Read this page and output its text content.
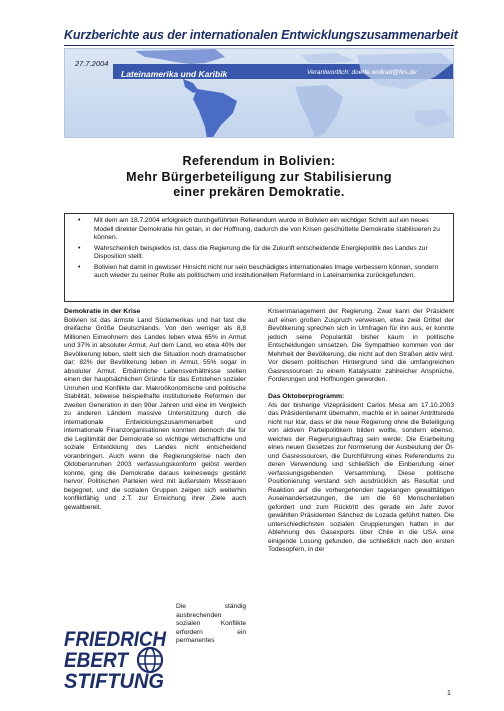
Kurzberichte aus der internationalen Entwicklungszusammenarbeit
27.7.2004
Lateinamerika und Karibik	Verantwortlich: doerte.wollrad@fes.de
Referendum in Bolivien:
Mehr Bürgerbeteiligung zur Stabilisierung
einer prekären Demokratie.
• Mit dem am 18.7.2004 erfolgreich durchgeführten Referendum wurde in Bolivien ein wichtiger Schritt auf ein neues Modell direkter Demokratie hin getan, in der Hoffnung, dadurch die von Krisen geschüttelte Demokratie stabilisieren zu können.
• Wahrscheinlich beispiellos ist, dass die Regierung die für die Zukunft entscheidende Energiepolitik des Landes zur Disposition stellt.
• Bolivien hat damit in gewisser Hinsicht nicht nur sein beschädigtes internationales Image verbessern können, sondern auch wieder zu seiner Rolle als politischem und institutionellem Reformland in Lateinamerika zurückgefunden.
Demokratie in der Krise

Bolivien ist das ärmste Land Südamerikas und hat fast die dreifache Größe Deutschlands. Von den weniger als 8,8 Millionen Einwohnern des Landes leben etwa 65% in Armut und 37% in absoluter Armut. Auf dem Land, wo etwa 40% der Bevölkerung leben, stellt sich die Situation noch dramatischer dar: 82% der Bevölkerung leben in Armut, 55% sogar in absoluter Armut. Erbärmliche Lebensverhältnisse stellen einen der hauptsächlichen Gründe für das Entstehen sozialer Unruhen und Konflikte dar. Makroökonomische und politische Stabilität, teilweise beispielhafte institutionelle Reformen der zweiten Generation in den 90er Jahren und eine im Vergleich zu anderen Ländern massive Unterstützung durch die internationale Entwicklungszusammenarbeit und internationale Finanzorganisationen konnten dennoch die für die Legitimität der Demokratie so wichtige wirtschaftliche und soziale Entwicklung des Landes nicht entscheidend voranbringen. Auch wenn die Regierungskrise nach den Oktoberunruhen 2003 verfassungskonform gelöst werden konnte, ging die Demokratie daraus keineswegs gestärkt hervor. Politischen Parteien wird mit äußerstem Misstrauen begegnet, und die sozialen Gruppen zeigen sich weiterhin konfliktfähig und z.T. zur Erreichung ihrer Ziele auch gewaltbereit.

Die ständig ausbrechenden sozialen Konflikte erfordern ein permanentes

Krisenmanagement der Regierung. Zwar kann der Präsident auf einen großen Zuspruch verweisen, etwa zwei Drittel der Bevölkerung sprechen sich in Umfragen für ihn aus, er konnte jedoch seine Popularität bisher kaum in politische Entscheidungen umsetzen. Die Sympathien kommen von der Mehrheit der Bevölkerung, die nicht auf den Straßen aktiv wird. Vor diesem politischen Hintergrund sind die umfangreichen Gasressourcen zu einem Katalysator zahlreicher Ansprüche, Forderungen und Hoffnungen geworden.

Das Oktoberprogramm:

Als der bisherige Vizepräsident Carlos Mesa am 17.10.2003 das Präsidentenamt übernahm, machte er in seiner Antrittsrede nicht nur klar, dass er die neue Regierung ohne die Beteiligung von aktiven Parteipolitikern bilden wollte, sondern ebenso, welches der Regierungsauftrag sein werde: Die Erarbeitung eines neuen Gesetzes zur Normierung der Ausbeutung der Öl- und Gasressourcen, die Durchführung eines Referendums zu deren Verwendung und schließlich die Einberufung einer verfassungsgebenden Versammlung. Diese politische Positionierung verstand sich ausdrücklich als Resultat und Reaktion auf die vorhergehenden tagelangen gewalttätigen Auseinandersetzungen, die um die 60 Menschenleben gefordert und zum Rücktritt des gerade ein Jahr zuvor gewählten Präsidenten Sánchez de Lozada geführt hatten. Die unterschiedlichsten sozialen Gruppierungen hatten in der Ablehnung des Gasexports über Chile in die USA eine einigende Losung gefunden, die schließlich nach den ersten Todesopfern, in der

FRIEDRICH
EBERT
STIFTUNG
1
